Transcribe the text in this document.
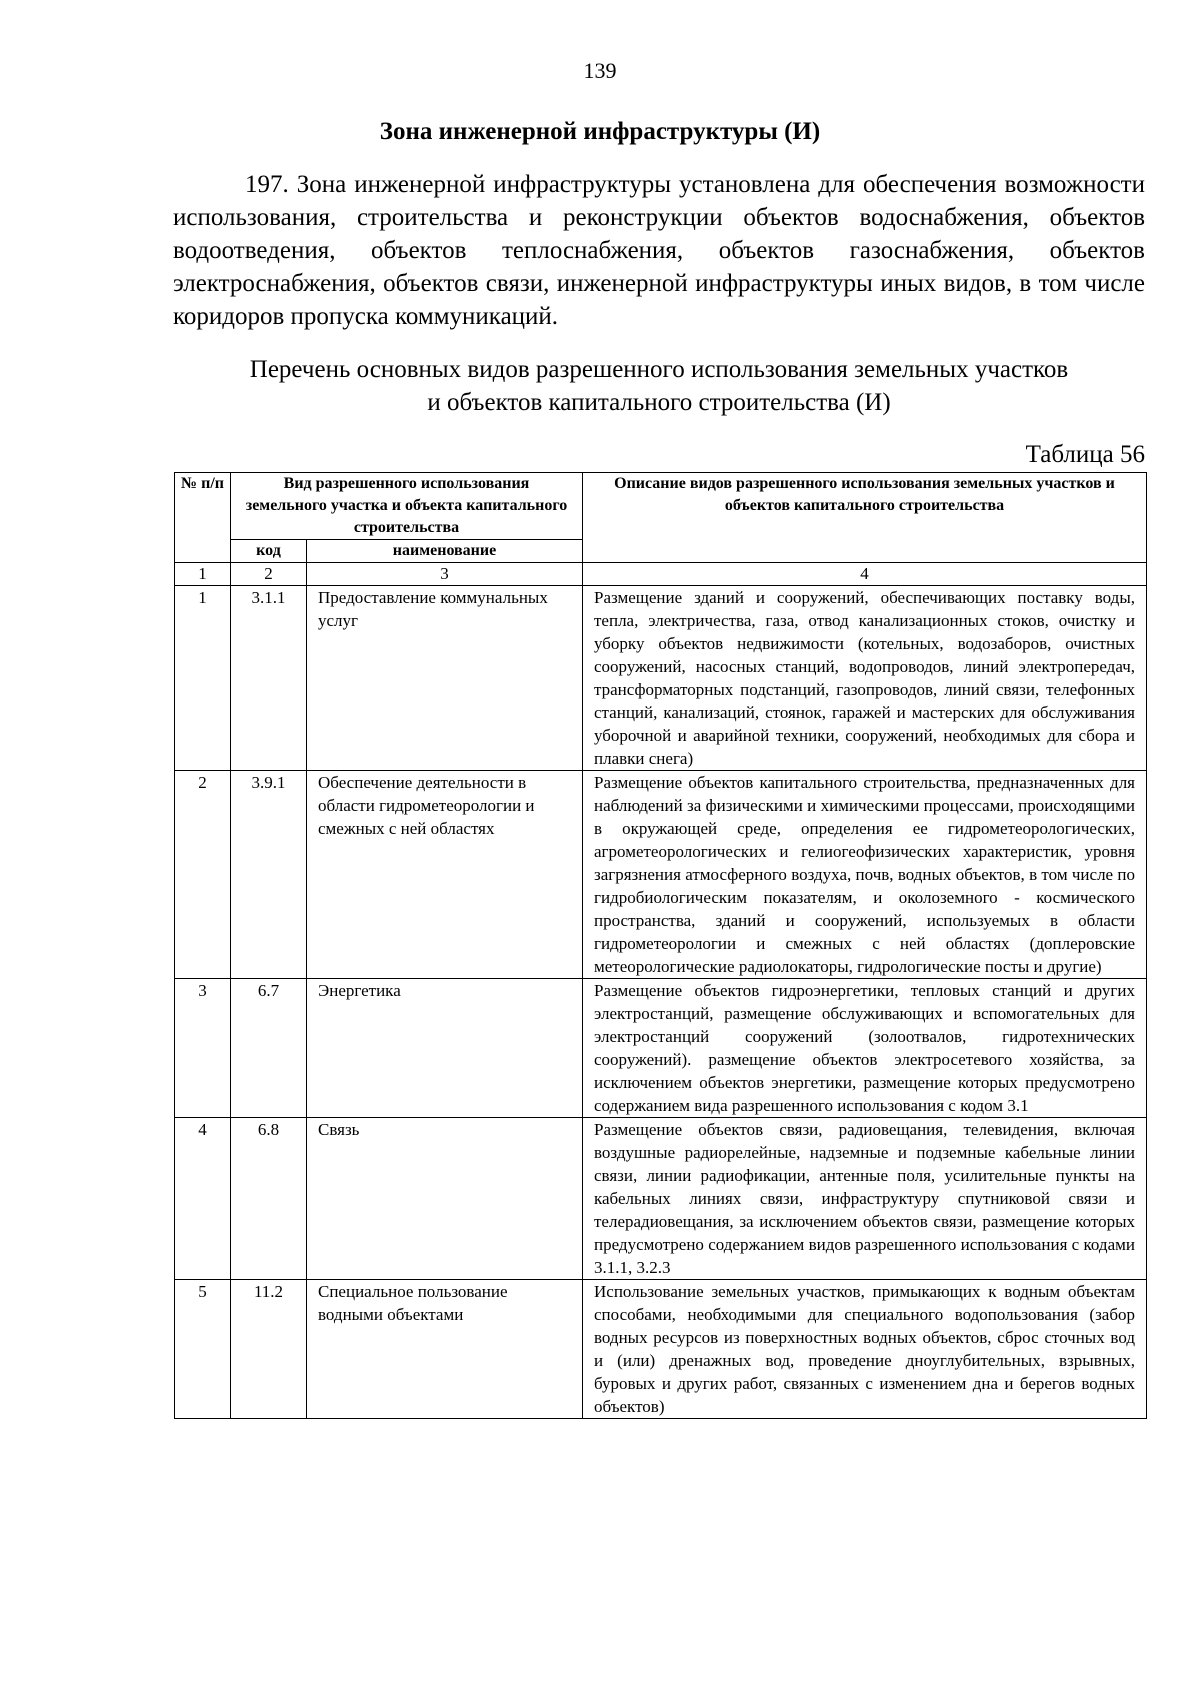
139
Зона инженерной инфраструктуры (И)

197. Зона инженерной инфраструктуры установлена для обеспечения возможности использования, строительства и реконструкции объектов водоснабжения, объектов водоотведения, объектов теплоснабжения, объектов газоснабжения, объектов электроснабжения, объектов связи, инженерной инфраструктуры иных видов, в том числе коридоров пропуска коммуникаций.

Перечень основных видов разрешенного использования земельных участков
и объектов капитального строительства (И)
Таблица 56
№ п/п	Вид разрешенного использования земельного участка и объекта капитального строительства		Описание видов разрешенного использования земельных участков и объектов капитального строительства
	код	наименование	
1	2	3	4
1	3.1.1	Предоставление коммунальных услуг	Размещение зданий и сооружений, обеспечивающих поставку воды, тепла, электричества, газа, отвод канализационных стоков, очистку и уборку объектов недвижимости (котельных, водозаборов, очистных сооружений, насосных станций, водопроводов, линий электропередач, трансформаторных подстанций, газопроводов, линий связи, телефонных станций, канализаций, стоянок, гаражей и мастерских для обслуживания уборочной и аварийной техники, сооружений, необходимых для сбора и плавки снега)
2	3.9.1	Обеспечение деятельности в области гидрометеорологии и смежных с ней областях	Размещение объектов капитального строительства, предназначенных для наблюдений за физическими и химическими процессами, происходящими в окружающей среде, определения ее гидрометеорологических, агрометеорологических и гелиогеофизических характеристик, уровня загрязнения атмосферного воздуха, почв, водных объектов, в том числе по гидробиологическим показателям, и околоземного - космического пространства, зданий и сооружений, используемых в области гидрометеорологии и смежных с ней областях (доплеровские метеорологические радиолокаторы, гидрологические посты и другие)
3	6.7	Энергетика	Размещение объектов гидроэнергетики, тепловых станций и других электростанций, размещение обслуживающих и вспомогательных для электростанций сооружений (золоотвалов, гидротехнических сооружений). размещение объектов электросетевого хозяйства, за исключением объектов энергетики, размещение которых предусмотрено содержанием вида разрешенного использования с кодом 3.1
4	6.8	Связь	Размещение объектов связи, радиовещания, телевидения, включая воздушные радиорелейные, надземные и подземные кабельные линии связи, линии радиофикации, антенные поля, усилительные пункты на кабельных линиях связи, инфраструктуру спутниковой связи и телерадиовещания, за исключением объектов связи, размещение которых предусмотрено содержанием видов разрешенного использования с кодами 3.1.1, 3.2.3
5	11.2	Специальное пользование водными объектами	Использование земельных участков, примыкающих к водным объектам способами, необходимыми для специального водопользования (забор водных ресурсов из поверхностных водных объектов, сброс сточных вод и (или) дренажных вод, проведение дноуглубительных, взрывных, буровых и других работ, связанных с изменением дна и берегов водных объектов)
